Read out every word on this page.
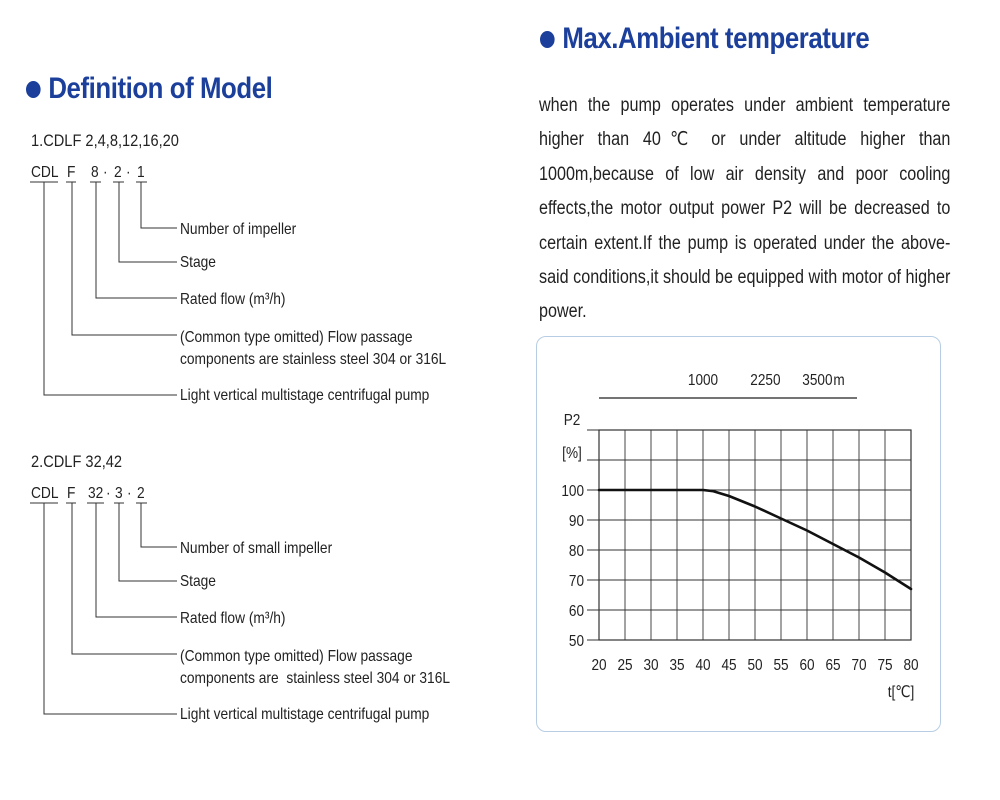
Definition of Model
1.CDLF 2,4,8,12,16,20
CDL F 8 · 2 · 1
Number of impeller
Stage
Rated flow (m³/h)
(Common type omitted) Flow passage
components are stainless steel 304 or 316L
Light vertical multistage centrifugal pump
2.CDLF 32,42
CDL F 32 · 3 · 2
Number of small impeller
Stage
Rated flow (m³/h)
(Common type omitted) Flow passage
components are  stainless steel 304 or 316L
Light vertical multistage centrifugal pump
Max.Ambient temperature

when the pump operates under ambient temperature higher than 40℃ or under altitude higher than 1000m,because of low air density and poor cooling effects,the motor output power P2 will be decreased to certain extent.If the pump is operated under the above-said conditions,it should be equipped with motor of higher power.

20 25 30 35 40 45 50 55 60 65 70 75 80
50
60
70
80
90
100
P2
[%]
t[℃]
1000 2250 3500 m
